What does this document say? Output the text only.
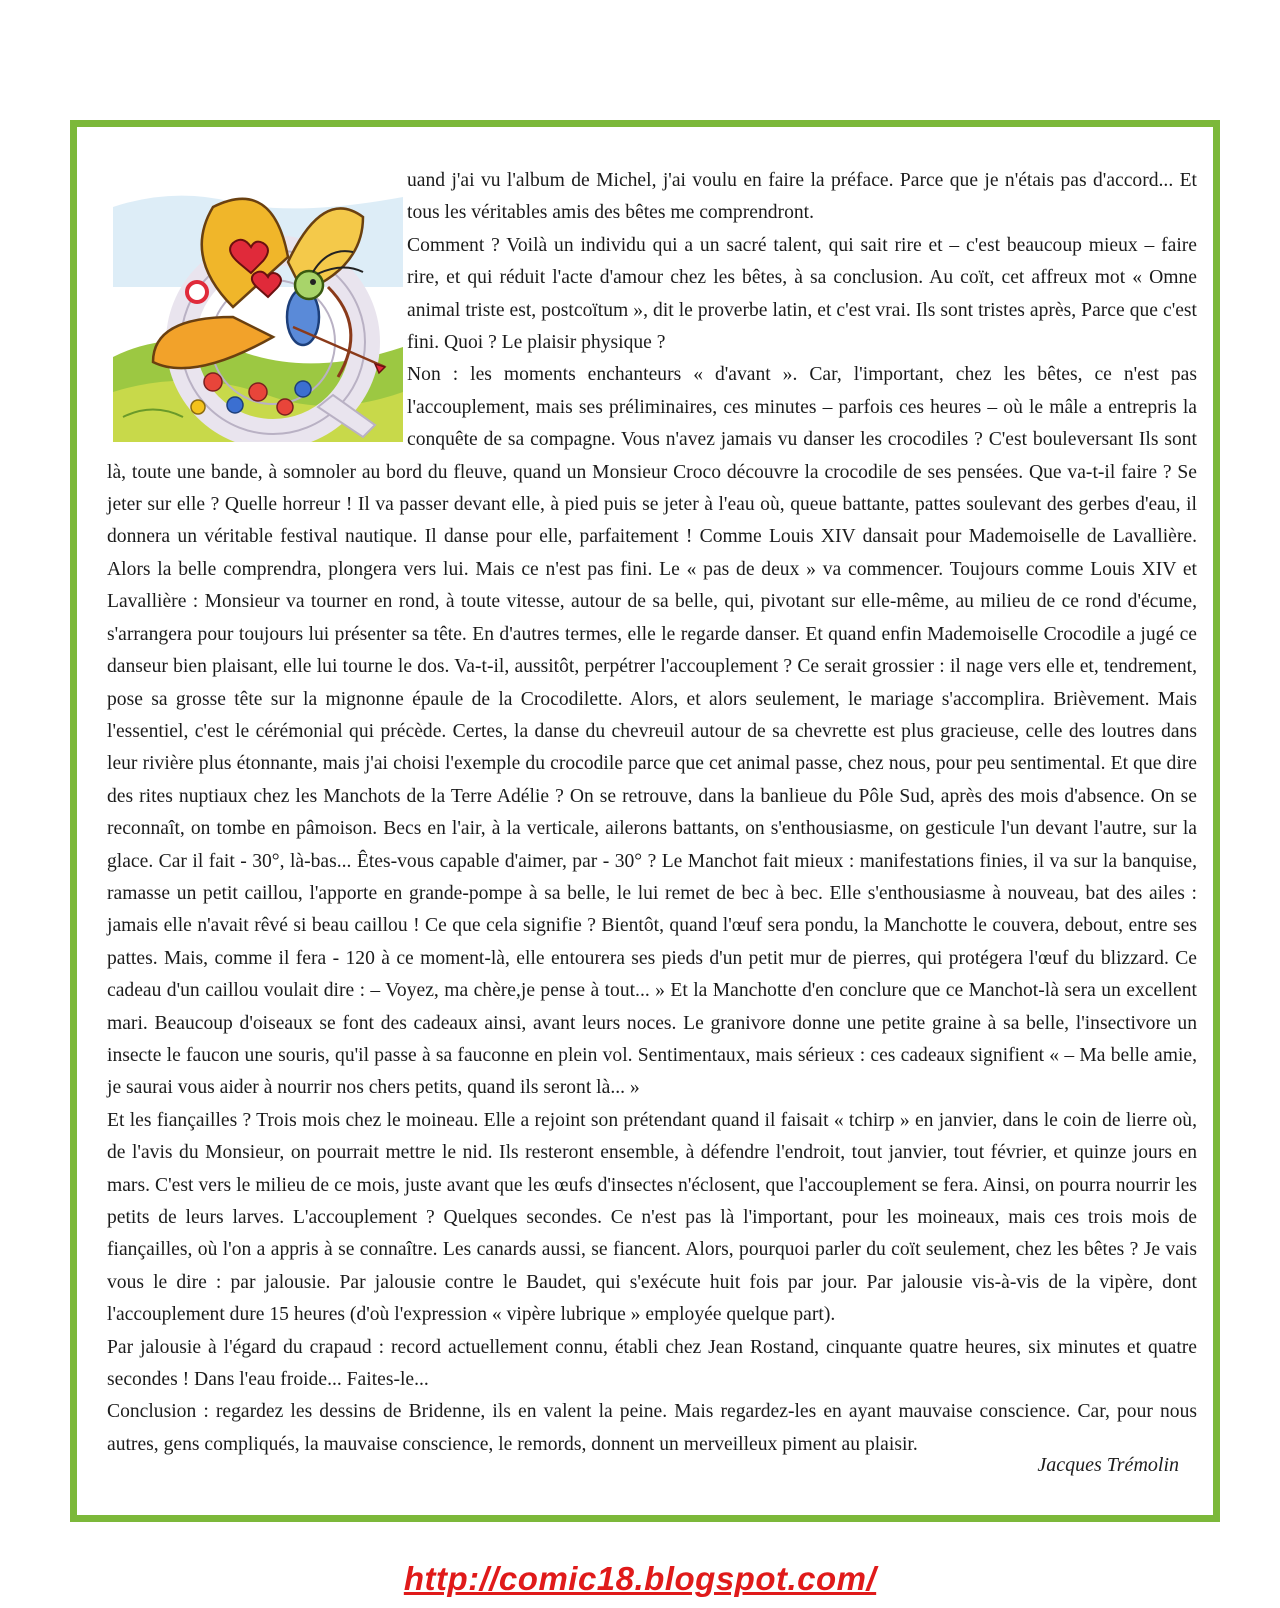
uand j'ai vu l'album de Michel, j'ai voulu en faire la préface. Parce que je n'étais pas d'accord... Et tous les véritables amis des bêtes me comprendront.

Comment ? Voilà un individu qui a un sacré talent, qui sait rire et – c'est beaucoup mieux – faire rire, et qui réduit l'acte d'amour chez les bêtes, à sa conclusion. Au coït, cet affreux mot « Omne animal triste est, postcoïtum », dit le proverbe latin, et c'est vrai. Ils sont tristes après, Parce que c'est fini. Quoi ? Le plaisir physique ?

Non : les moments enchanteurs « d'avant ». Car, l'important, chez les bêtes, ce n'est pas l'accouplement, mais ses préliminaires, ces minutes – parfois ces heures – où le mâle a entrepris la conquête de sa compagne. Vous n'avez jamais vu danser les crocodiles ? C'est bouleversant Ils sont là, toute une bande, à somnoler au bord du fleuve, quand un Monsieur Croco découvre la crocodile de ses pensées. Que va-t-il faire ? Se jeter sur elle ? Quelle horreur ! Il va passer devant elle, à pied puis se jeter à l'eau où, queue battante, pattes soulevant des gerbes d'eau, il donnera un véritable festival nautique. Il danse pour elle, parfaitement ! Comme Louis XIV dansait pour Mademoiselle de Lavallière. Alors la belle comprendra, plongera vers lui. Mais ce n'est pas fini. Le « pas de deux » va commencer. Toujours comme Louis XIV et Lavallière : Monsieur va tourner en rond, à toute vitesse, autour de sa belle, qui, pivotant sur elle-même, au milieu de ce rond d'écume, s'arrangera pour toujours lui présenter sa tête. En d'autres termes, elle le regarde danser. Et quand enfin Mademoiselle Crocodile a jugé ce danseur bien plaisant, elle lui tourne le dos. Va-t-il, aussitôt, perpétrer l'accouplement ? Ce serait grossier : il nage vers elle et, tendrement, pose sa grosse tête sur la mignonne épaule de la Crocodilette. Alors, et alors seulement, le mariage s'accomplira. Brièvement. Mais l'essentiel, c'est le cérémonial qui précède. Certes, la danse du chevreuil autour de sa chevrette est plus gracieuse, celle des loutres dans leur rivière plus étonnante, mais j'ai choisi l'exemple du crocodile parce que cet animal passe, chez nous, pour peu sentimental. Et que dire des rites nuptiaux chez les Manchots de la Terre Adélie ? On se retrouve, dans la banlieue du Pôle Sud, après des mois d'absence. On se reconnaît, on tombe en pâmoison. Becs en l'air, à la verticale, ailerons battants, on s'enthousiasme, on gesticule l'un devant l'autre, sur la glace. Car il fait - 30°, là-bas... Êtes-vous capable d'aimer, par - 30° ? Le Manchot fait mieux : manifestations finies, il va sur la banquise, ramasse un petit caillou, l'apporte en grande-pompe à sa belle, le lui remet de bec à bec. Elle s'enthousiasme à nouveau, bat des ailes : jamais elle n'avait rêvé si beau caillou ! Ce que cela signifie ? Bientôt, quand l'œuf sera pondu, la Manchotte le couvera, debout, entre ses pattes. Mais, comme il fera - 120 à ce moment-là, elle entourera ses pieds d'un petit mur de pierres, qui protégera l'œuf du blizzard. Ce cadeau d'un caillou voulait dire : – Voyez, ma chère,je pense à tout... » Et la Manchotte d'en conclure que ce Manchot-là sera un excellent mari. Beaucoup d'oiseaux se font des cadeaux ainsi, avant leurs noces. Le granivore donne une petite graine à sa belle, l'insectivore un insecte le faucon une souris, qu'il passe à sa fauconne en plein vol. Sentimentaux, mais sérieux : ces cadeaux signifient « – Ma belle amie, je saurai vous aider à nourrir nos chers petits, quand ils seront là... »

Et les fiançailles ? Trois mois chez le moineau. Elle a rejoint son prétendant quand il faisait « tchirp » en janvier, dans le coin de lierre où, de l'avis du Monsieur, on pourrait mettre le nid. Ils resteront ensemble, à défendre l'endroit, tout janvier, tout février, et quinze jours en mars. C'est vers le milieu de ce mois, juste avant que les œufs d'insectes n'éclosent, que l'accouplement se fera. Ainsi, on pourra nourrir les petits de leurs larves. L'accouplement ? Quelques secondes. Ce n'est pas là l'important, pour les moineaux, mais ces trois mois de fiançailles, où l'on a appris à se connaître. Les canards aussi, se fiancent. Alors, pourquoi parler du coït seulement, chez les bêtes ? Je vais vous le dire : par jalousie. Par jalousie contre le Baudet, qui s'exécute huit fois par jour. Par jalousie vis-à-vis de la vipère, dont l'accouplement dure 15 heures (d'où l'expression « vipère lubrique » employée quelque part).

Par jalousie à l'égard du crapaud : record actuellement connu, établi chez Jean Rostand, cinquante quatre heures, six minutes et quatre secondes ! Dans l'eau froide... Faites-le...

Conclusion : regardez les dessins de Bridenne, ils en valent la peine. Mais regardez-les en ayant mauvaise conscience. Car, pour nous autres, gens compliqués, la mauvaise conscience, le remords, donnent un merveilleux piment au plaisir.

Jacques Trémolin
http://comic18.blogspot.com/
